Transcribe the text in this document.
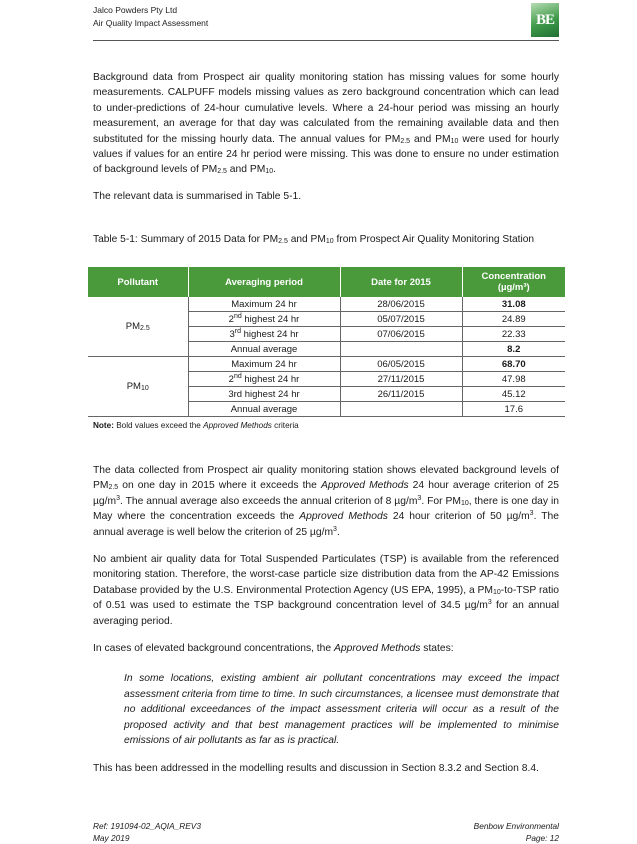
Jalco Powders Pty Ltd
Air Quality Impact Assessment	BE

Background data from Prospect air quality monitoring station has missing values for some hourly measurements. CALPUFF models missing values as zero background concentration which can lead to under-predictions of 24-hour cumulative levels. Where a 24-hour period was missing an hourly measurement, an average for that day was calculated from the remaining available data and then substituted for the missing hourly data. The annual values for $PM_{2.5}$ and $PM_{10}$ were used for hourly values if values for an entire 24 hr period were missing. This was done to ensure no under estimation of background levels of $PM_{2.5}$ and $PM_{10}$.

The relevant data is summarised in Table 5-1.

Table 5-1: Summary of 2015 Data for $PM_{2.5}$ and $PM_{10}$ from Prospect Air Quality Monitoring Station
Pollutant	Averaging period	Date for 2015	Concentration
(µg/m³)
$PM_{2.5}$	Maximum 24 hr	28/06/2015	31.08
	2nd highest 24 hr	05/07/2015	24.89
	3rd highest 24 hr	07/06/2015	22.33
	Annual average		8.2
$PM_{10}$	Maximum 24 hr	06/05/2015	68.70
	2nd highest 24 hr	27/11/2015	47.98
	3rd highest 24 hr	26/11/2015	45.12
	Annual average		17.6
Note: Bold values exceed the Approved Methods criteria

The data collected from Prospect air quality monitoring station shows elevated background levels of $PM_{2.5}$ on one day in 2015 where it exceeds the Approved Methods 24 hour average criterion of 25 $\mu g/m^3$. The annual average also exceeds the annual criterion of 8 $\mu g/m^3$. For $PM_{10}$, there is one day in May where the concentration exceeds the Approved Methods 24 hour criterion of 50 $\mu g/m^3$. The annual average is well below the criterion of 25 $\mu g/m^3$.

No ambient air quality data for Total Suspended Particulates (TSP) is available from the referenced monitoring station. Therefore, the worst-case particle size distribution data from the AP-42 Emissions Database provided by the U.S. Environmental Protection Agency (US EPA, 1995), a $PM_{10}-to$-TSP ratio of 0.51 was used to estimate the TSP background concentration level of 34.5 $\mu g/m^3$ for an annual averaging period.

In cases of elevated background concentrations, the Approved Methods states:

In some locations, existing ambient air pollutant concentrations may exceed the impact assessment criteria from time to time. In such circumstances, a licensee must demonstrate that no additional exceedances of the impact assessment criteria will occur as a result of the proposed activity and that best management practices will be implemented to minimise emissions of air pollutants as far as is practical.

This has been addressed in the modelling results and discussion in Section 8.3.2 and Section 8.4.

Ref: 191094-02_AQIA_REV3
May 2019
Benbow Environmental
Page: 12
